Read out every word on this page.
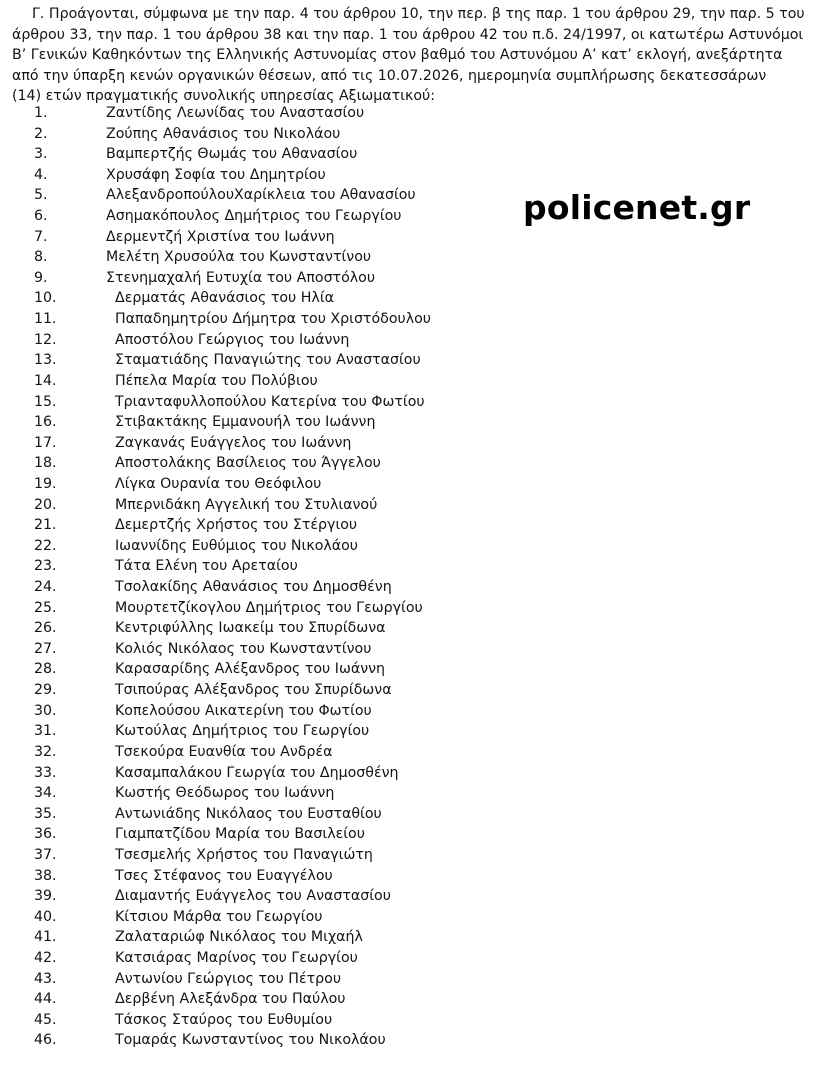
Γ. Προάγονται, σύμφωνα με την παρ. 4 του άρθρου 10, την περ. β της παρ. 1 του άρθρου 29, την παρ. 5 του
άρθρου 33, την παρ. 1 του άρθρου 38 και την παρ. 1 του άρθρου 42 του π.δ. 24/1997, οι κατωτέρω Αστυνόμοι
Β’ Γενικών Καθηκόντων της Ελληνικής Αστυνομίας στον βαθμό του Αστυνόμου Α’ κατ’ εκλογή, ανεξάρτητα
από την ύπαρξη κενών οργανικών θέσεων, από τις 10.07.2026, ημερομηνία συμπλήρωσης δεκατεσσάρων
(14) ετών πραγματικής συνολικής υπηρεσίας Αξιωματικού:

1.	Ζαντίδης Λεωνίδας του Αναστασίου
2.	Ζούπης Αθανάσιος του Νικολάου
3.	Βαμπερτζής Θωμάς του Αθανασίου
4.	Χρυσάφη Σοφία του Δημητρίου
5.	ΑλεξανδροπούλουΧαρίκλεια του Αθανασίου
6.	Ασημακόπουλος Δημήτριος του Γεωργίου
7.	Δερμεντζή Χριστίνα του Ιωάννη
8.	Μελέτη Χρυσούλα του Κωνσταντίνου
9.	Στενημαχαλή Ευτυχία του Αποστόλου
10.	Δερματάς Αθανάσιος του Ηλία
11.	Παπαδημητρίου Δήμητρα του Χριστόδουλου
12.	Αποστόλου Γεώργιος του Ιωάννη
13.	Σταματιάδης Παναγιώτης του Αναστασίου
14.	Πέπελα Μαρία του Πολύβιου
15.	Τριανταφυλλοπούλου Κατερίνα του Φωτίου
16.	Στιβακτάκης Εμμανουήλ του Ιωάννη
17.	Ζαγκανάς Ευάγγελος του Ιωάννη
18.	Αποστολάκης Βασίλειος του Άγγελου
19.	Λίγκα Ουρανία του Θεόφιλου
20.	Μπερνιδάκη Αγγελική του Στυλιανού
21.	Δεμερτζής Χρήστος του Στέργιου
22.	Ιωαννίδης Ευθύμιος του Νικολάου
23.	Τάτα Ελένη του Αρεταίου
24.	Τσολακίδης Αθανάσιος του Δημοσθένη
25.	Μουρτετζίκογλου Δημήτριος του Γεωργίου
26.	Κεντριφύλλης Ιωακείμ του Σπυρίδωνα
27.	Κολιός Νικόλαος του Κωνσταντίνου
28.	Καρασαρίδης Αλέξανδρος του Ιωάννη
29.	Τσιπούρας Αλέξανδρος του Σπυρίδωνα
30.	Κοπελούσου Αικατερίνη του Φωτίου
31.	Κωτούλας Δημήτριος του Γεωργίου
32.	Τσεκούρα Ευανθία του Ανδρέα
33.	Κασαμπαλάκου Γεωργία του Δημοσθένη
34.	Κωστής Θεόδωρος του Ιωάννη
35.	Αντωνιάδης Νικόλαος του Ευσταθίου
36.	Γιαμπατζίδου Μαρία του Βασιλείου
37.	Τσεσμελής Χρήστος του Παναγιώτη
38.	Τσες Στέφανος του Ευαγγέλου
39.	Διαμαντής Ευάγγελος του Αναστασίου
40.	Κίτσιου Μάρθα του Γεωργίου
41.	Ζαλαταριώφ Νικόλαος του Μιχαήλ
42.	Κατσιάρας Μαρίνος του Γεωργίου
43.	Αντωνίου Γεώργιος του Πέτρου
44.	Δερβένη Αλεξάνδρα του Παύλου
45.	Τάσκος Σταύρος του Ευθυμίου
46.	Τομαράς Κωνσταντίνος του Νικολάου
policenet.gr
